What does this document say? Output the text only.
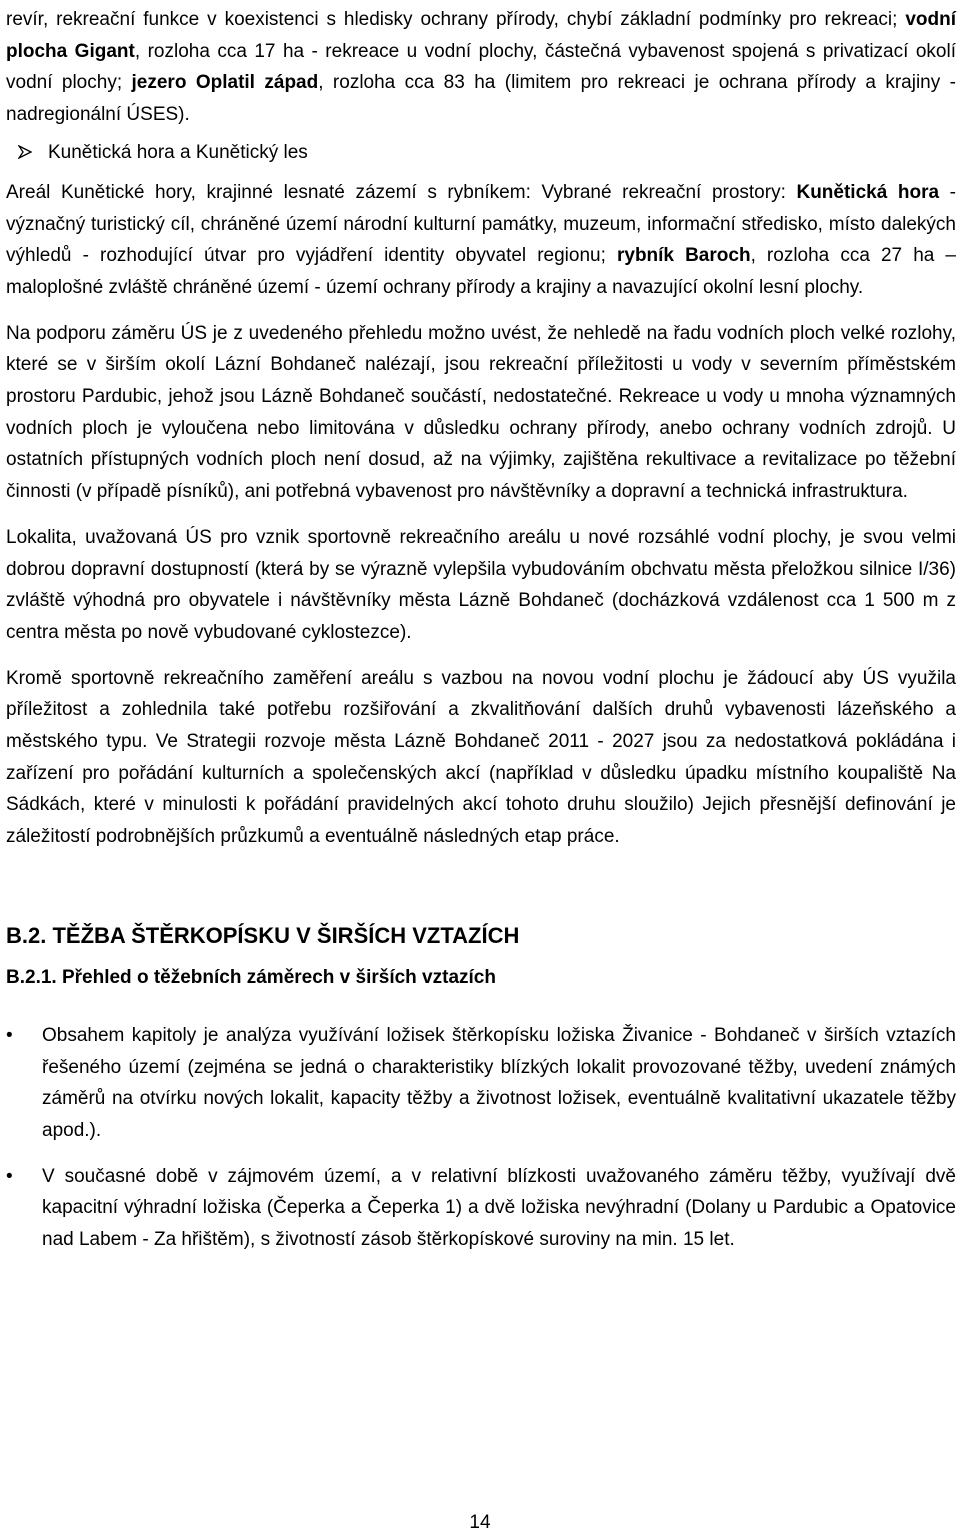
revír, rekreační funkce v koexistenci s hledisky ochrany přírody, chybí základní podmínky pro rekreaci; vodní plocha Gigant, rozloha cca 17 ha - rekreace u vodní plochy, částečná vybavenost spojená s privatizací okolí vodní plochy; jezero Oplatil západ, rozloha cca 83 ha (limitem pro rekreaci je ochrana přírody a krajiny - nadregionální ÚSES).

Kunětická hora a Kunětický les

Areál Kunětické hory, krajinné lesnaté zázemí s rybníkem: Vybrané rekreační prostory: Kunětická hora - význačný turistický cíl, chráněné území národní kulturní památky, muzeum, informační středisko, místo dalekých výhledů - rozhodující útvar pro vyjádření identity obyvatel regionu; rybník Baroch, rozloha cca 27 ha – maloplošné zvláště chráněné území - území ochrany přírody a krajiny a navazující okolní lesní plochy.

Na podporu záměru ÚS je z uvedeného přehledu možno uvést, že nehledě na řadu vodních ploch velké rozlohy, které se v širším okolí Lázní Bohdaneč nalézají, jsou rekreační příležitosti u vody v severním příměstském prostoru Pardubic, jehož jsou Lázně Bohdaneč součástí, nedostatečné. Rekreace u vody u mnoha významných vodních ploch je vyloučena nebo limitována v důsledku ochrany přírody, anebo ochrany vodních zdrojů. U ostatních přístupných vodních ploch není dosud, až na výjimky, zajištěna rekultivace a revitalizace po těžební činnosti (v případě písníků), ani potřebná vybavenost pro návštěvníky a dopravní a technická infrastruktura.

Lokalita, uvažovaná ÚS pro vznik sportovně rekreačního areálu u nové rozsáhlé vodní plochy, je svou velmi dobrou dopravní dostupností (která by se výrazně vylepšila vybudováním obchvatu města přeložkou silnice I/36) zvláště výhodná pro obyvatele i návštěvníky města Lázně Bohdaneč (docházková vzdálenost cca 1 500 m z centra města po nově vybudované cyklostezce).

Kromě sportovně rekreačního zaměření areálu s vazbou na novou vodní plochu je žádoucí aby ÚS využila příležitost a zohlednila také potřebu rozšiřování a zkvalitňování dalších druhů vybavenosti lázeňského a městského typu. Ve Strategii rozvoje města Lázně Bohdaneč 2011 - 2027 jsou za nedostatková pokládána i zařízení pro pořádání kulturních a společenských akcí (například v důsledku úpadku místního koupaliště Na Sádkách, které v minulosti k pořádání pravidelných akcí tohoto druhu sloužilo) Jejich přesnější definování je záležitostí podrobnějších průzkumů a eventuálně následných etap práce.

B.2. TĚŽBA ŠTĚRKOPÍSKU V ŠIRŠÍCH VZTAZÍCH
B.2.1. Přehled o těžebních záměrech v širších vztazích
•	Obsahem kapitoly je analýza využívání ložisek štěrkopísku ložiska Živanice - Bohdaneč v širších vztazích řešeného území (zejména se jedná o charakteristiky blízkých lokalit provozované těžby, uvedení známých záměrů na otvírku nových lokalit, kapacity těžby a životnost ložisek, eventuálně kvalitativní ukazatele těžby apod.).

•	V současné době v zájmovém území, a v relativní blízkosti uvažovaného záměru těžby, využívají dvě kapacitní výhradní ložiska (Čeperka a Čeperka 1) a dvě ložiska nevýhradní (Dolany u Pardubic a Opatovice nad Labem - Za hřištěm), s životností zásob štěrkopískové suroviny na min. 15 let.

14
